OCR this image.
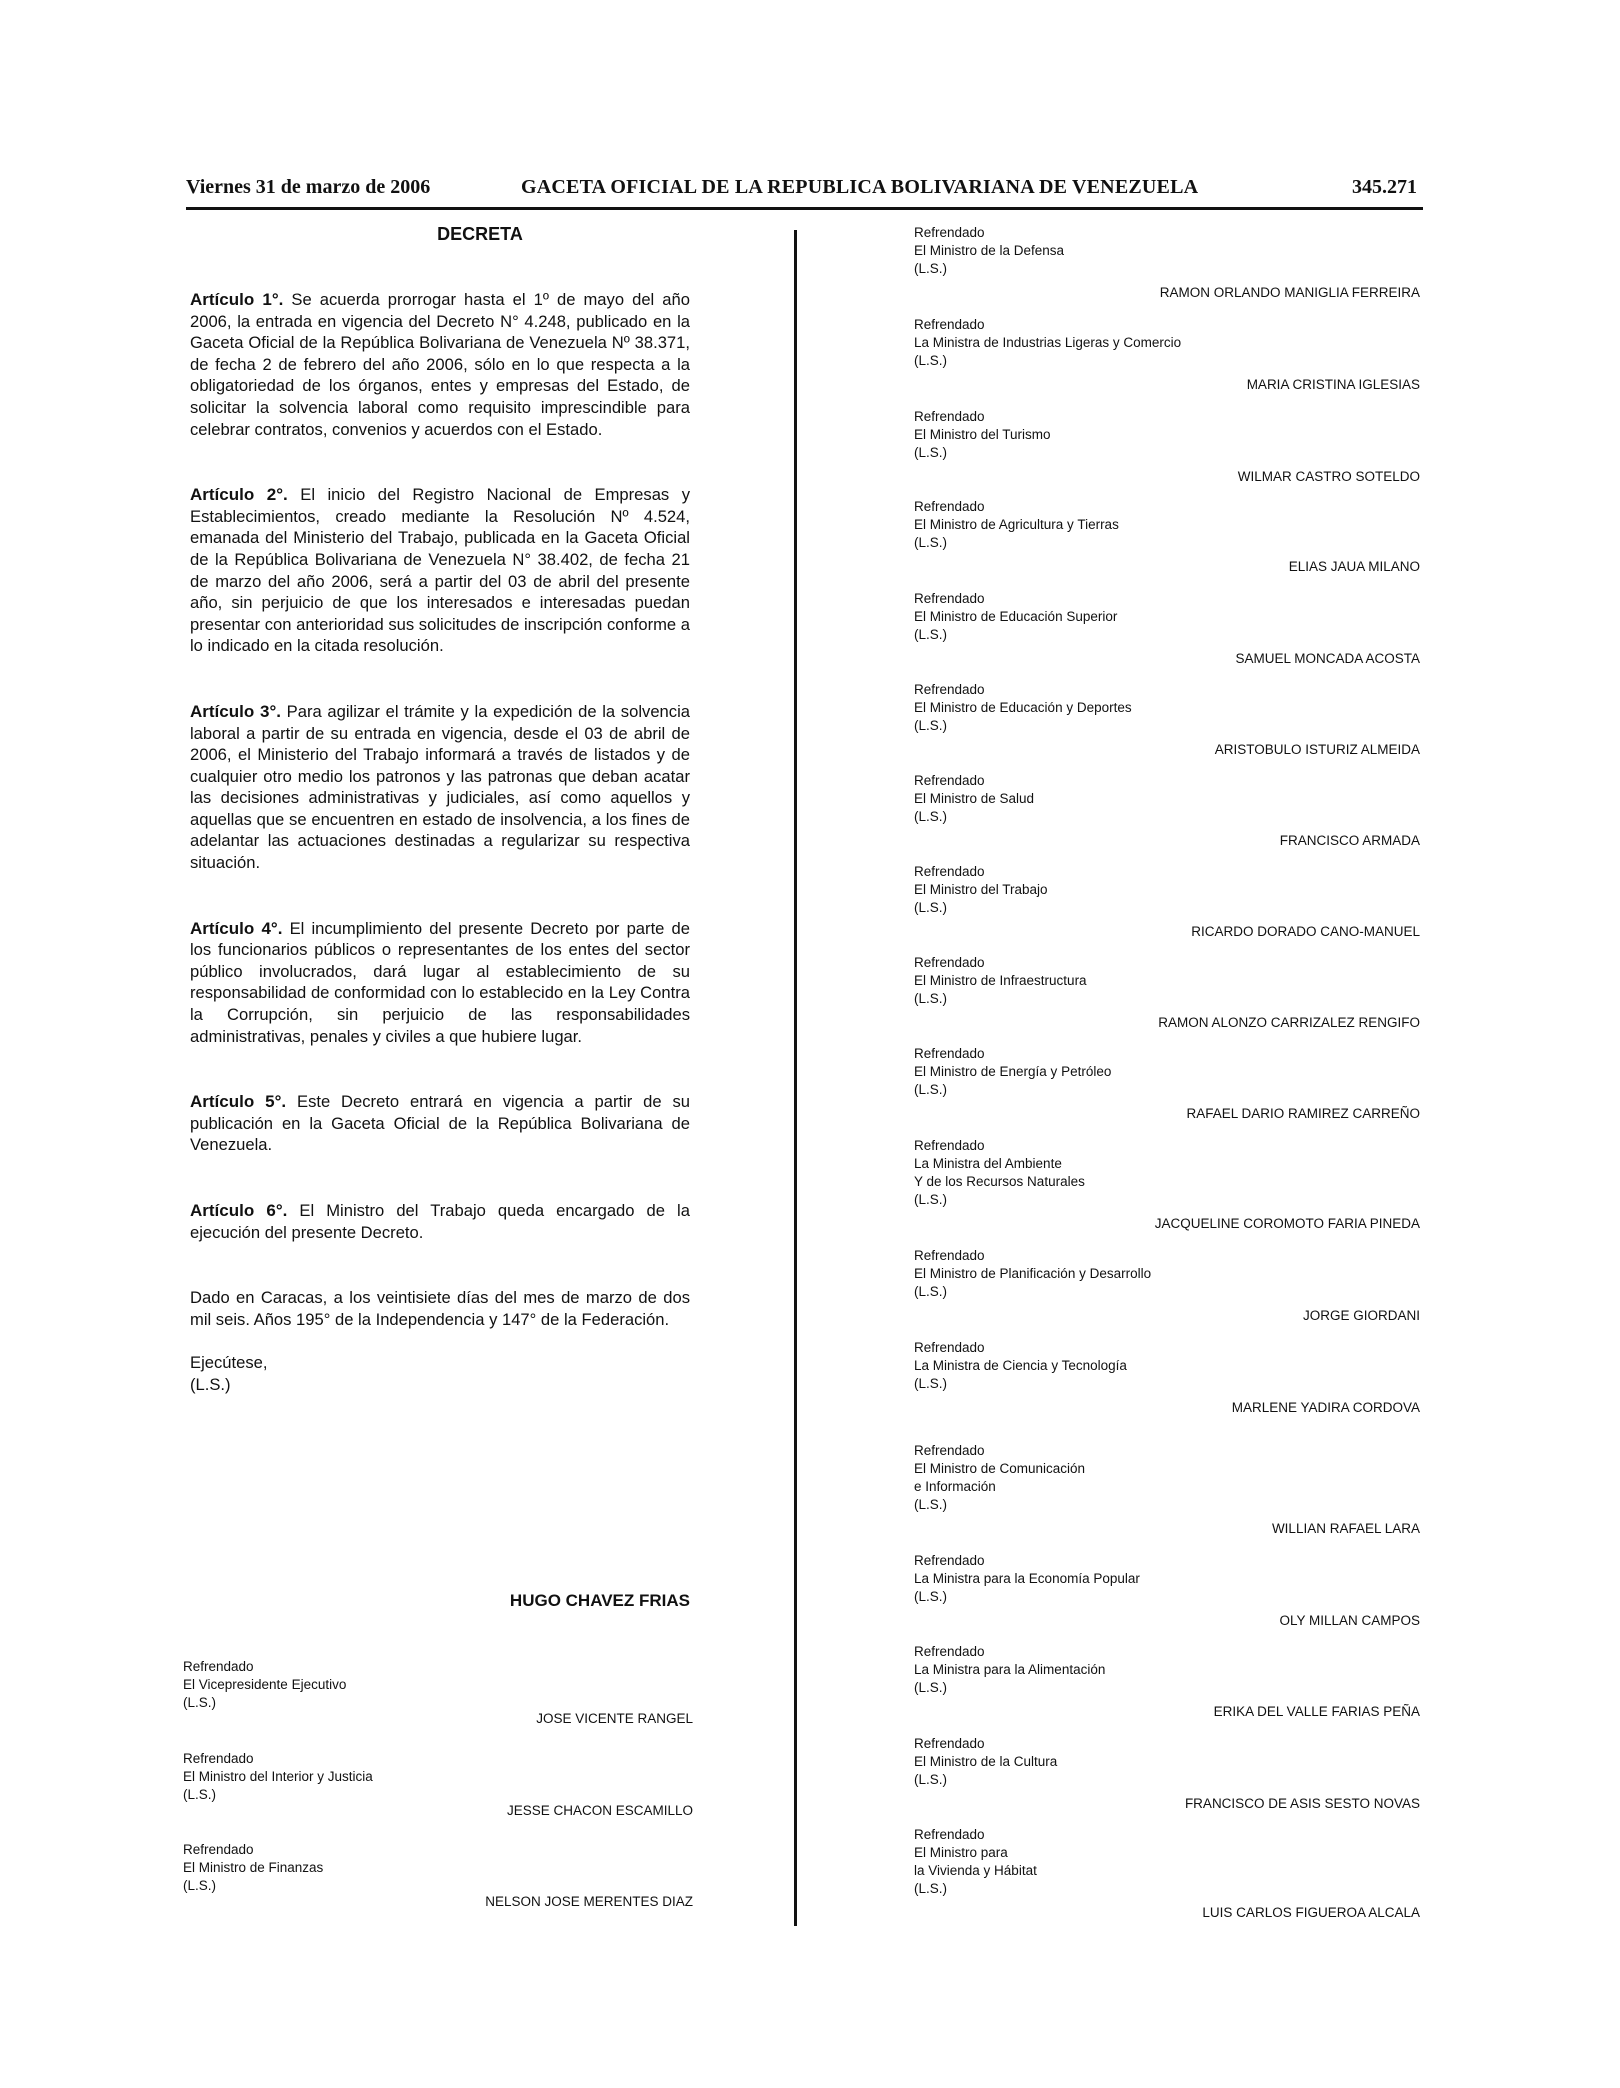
Viernes 31 de marzo de 2006	GACETA OFICIAL DE LA REPUBLICA BOLIVARIANA DE VENEZUELA	345.271
DECRETA

Artículo 1°. Se acuerda prorrogar hasta el 1º de mayo del año 2006, la entrada en vigencia del Decreto N° 4.248, publicado en la Gaceta Oficial de la República Bolivariana de Venezuela Nº 38.371, de fecha 2 de febrero del año 2006, sólo en lo que respecta a la obligatoriedad de los órganos, entes y empresas del Estado, de solicitar la solvencia laboral como requisito imprescindible para celebrar contratos, convenios y acuerdos con el Estado.

Artículo 2°. El inicio del Registro Nacional de Empresas y Establecimientos, creado mediante la Resolución Nº 4.524, emanada del Ministerio del Trabajo, publicada en la Gaceta Oficial de la República Bolivariana de Venezuela N° 38.402, de fecha 21 de marzo del año 2006, será a partir del 03 de abril del presente año, sin perjuicio de que los interesados e interesadas puedan presentar con anterioridad sus solicitudes de inscripción conforme a lo indicado en la citada resolución.

Artículo 3°. Para agilizar el trámite y la expedición de la solvencia laboral a partir de su entrada en vigencia, desde el 03 de abril de 2006, el Ministerio del Trabajo informará a través de listados y de cualquier otro medio los patronos y las patronas que deban acatar las decisiones administrativas y judiciales, así como aquellos y aquellas que se encuentren en estado de insolvencia, a los fines de adelantar las actuaciones destinadas a regularizar su respectiva situación.

Artículo 4°. El incumplimiento del presente Decreto por parte de los funcionarios públicos o representantes de los entes del sector público involucrados, dará lugar al establecimiento de su responsabilidad de conformidad con lo establecido en la Ley Contra la Corrupción, sin perjuicio de las responsabilidades administrativas, penales y civiles a que hubiere lugar.

Artículo 5°. Este Decreto entrará en vigencia a partir de su publicación en la Gaceta Oficial de la República Bolivariana de Venezuela.

Artículo 6°. El Ministro del Trabajo queda encargado de la ejecución del presente Decreto.

Dado en Caracas, a los veintisiete días del mes de marzo de dos mil seis. Años 195° de la Independencia y 147° de la Federación.
Ejecútese,
(L.S.)
HUGO CHAVEZ FRIAS
Refrendado
El Vicepresidente Ejecutivo
(L.S.)
JOSE VICENTE RANGEL
Refrendado
El Ministro del Interior y Justicia
(L.S.)
JESSE CHACON ESCAMILLO
Refrendado
El Ministro de Finanzas
(L.S.)
NELSON JOSE MERENTES DIAZ
Refrendado
El Ministro de la Defensa
(L.S.)
RAMON ORLANDO MANIGLIA FERREIRA
Refrendado
La Ministra de Industrias Ligeras y Comercio
(L.S.)
MARIA CRISTINA IGLESIAS
Refrendado
El Ministro del Turismo
(L.S.)
WILMAR CASTRO SOTELDO
Refrendado
El Ministro de Agricultura y Tierras
(L.S.)
ELIAS JAUA MILANO
Refrendado
El Ministro de Educación Superior
(L.S.)
SAMUEL MONCADA ACOSTA
Refrendado
El Ministro de Educación y Deportes
(L.S.)
ARISTOBULO ISTURIZ ALMEIDA
Refrendado
El Ministro de Salud
(L.S.)
FRANCISCO ARMADA
Refrendado
El Ministro del Trabajo
(L.S.)
RICARDO DORADO CANO-MANUEL
Refrendado
El Ministro de Infraestructura
(L.S.)
RAMON ALONZO CARRIZALEZ RENGIFO
Refrendado
El Ministro de Energía y Petróleo
(L.S.)
RAFAEL DARIO RAMIREZ CARREÑO
Refrendado
La Ministra del Ambiente
Y de los Recursos Naturales
(L.S.)
JACQUELINE COROMOTO FARIA PINEDA
Refrendado
El Ministro de Planificación y Desarrollo
(L.S.)
JORGE GIORDANI
Refrendado
La Ministra de Ciencia y Tecnología
(L.S.)
MARLENE YADIRA CORDOVA
Refrendado
El Ministro de Comunicación
e Información
(L.S.)
WILLIAN RAFAEL LARA
Refrendado
La Ministra para la Economía Popular
(L.S.)
OLY MILLAN CAMPOS
Refrendado
La Ministra para la Alimentación
(L.S.)
ERIKA DEL VALLE FARIAS PEÑA
Refrendado
El Ministro de la Cultura
(L.S.)
FRANCISCO DE ASIS SESTO NOVAS
Refrendado
El Ministro para
la Vivienda y Hábitat
(L.S.)
LUIS CARLOS FIGUEROA ALCALA
